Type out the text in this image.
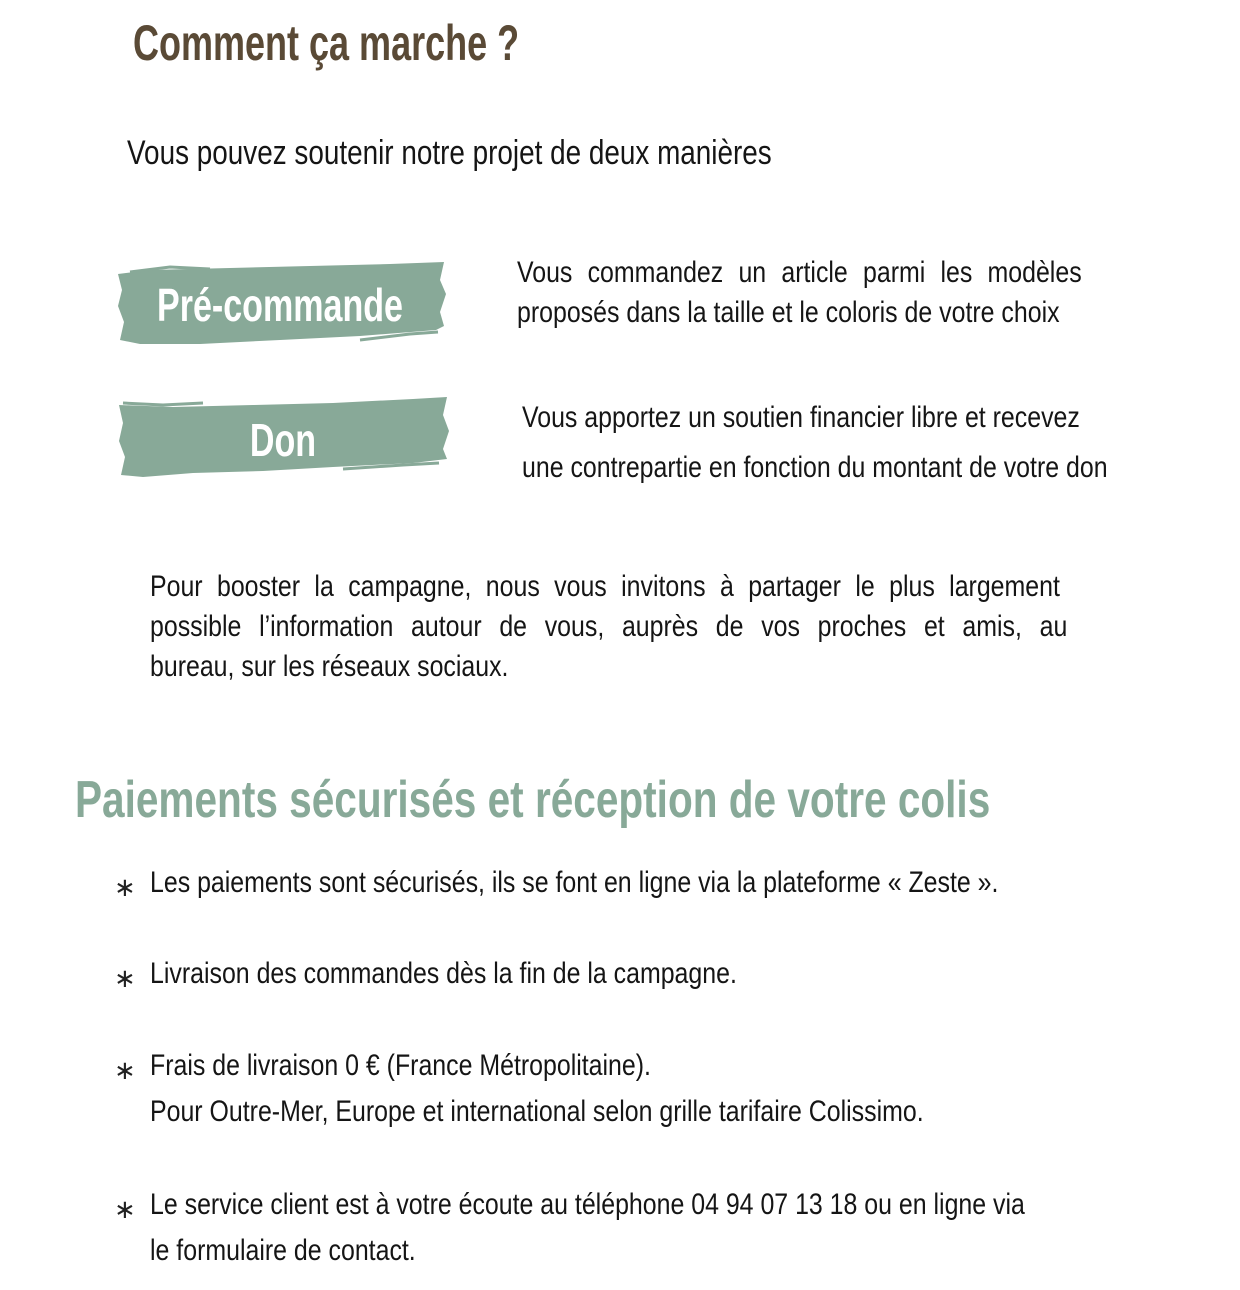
Comment ça marche ?
Vous pouvez soutenir notre projet de deux manières
Pré-commande
Don
Vous commandez un article parmi les modèles
proposés dans la taille et le coloris de votre choix
Vous apportez un soutien financier libre et recevez
une contrepartie en fonction du montant de votre don
Pour booster la campagne, nous vous invitons à partager le plus largement
possible l’information autour de vous, auprès de vos proches et amis, au
bureau, sur les réseaux sociaux.
Paiements sécurisés et réception de votre colis
∗ Les paiements sont sécurisés, ils se font en ligne via la plateforme « Zeste ».
∗ Livraison des commandes dès la fin de la campagne.
∗ Frais de livraison 0 € (France Métropolitaine).
Pour Outre-Mer, Europe et international selon grille tarifaire Colissimo.
∗ Le service client est à votre écoute au téléphone 04 94 07 13 18 ou en ligne via
le formulaire de contact.
